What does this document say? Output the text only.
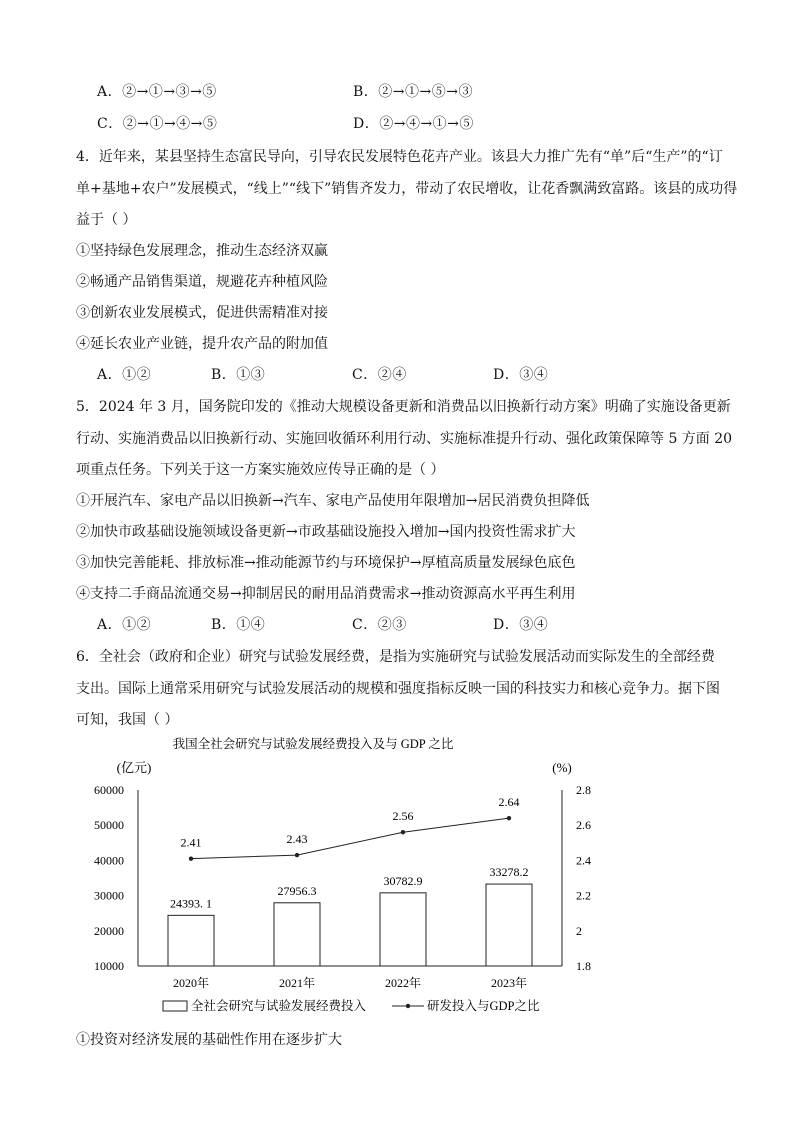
A．②→①→③→⑤	B．②→①→⑤→③
C．②→①→④→⑤	D．②→④→①→⑤
4．近年来，某县坚持生态富民导向，引导农民发展特色花卉产业。该县大力推广先有“单”后“生产”的“订
单+基地+农户”发展模式，“线上”“线下”销售齐发力，带动了农民增收，让花香飘满致富路。该县的成功得
益于（ ）
①坚持绿色发展理念，推动生态经济双赢
②畅通产品销售渠道，规避花卉种植风险
③创新农业发展模式，促进供需精准对接
④延长农业产业链，提升农产品的附加值
A．①②	B．①③	C．②④	D．③④
5．2024 年 3 月，国务院印发的《推动大规模设备更新和消费品以旧换新行动方案》明确了实施设备更新
行动、实施消费品以旧换新行动、实施回收循环利用行动、实施标准提升行动、强化政策保障等 5 方面 20
项重点任务。下列关于这一方案实施效应传导正确的是（ ）
①开展汽车、家电产品以旧换新→汽车、家电产品使用年限增加→居民消费负担降低
②加快市政基础设施领域设备更新→市政基础设施投入增加→国内投资性需求扩大
③加快完善能耗、排放标准→推动能源节约与环境保护→厚植高质量发展绿色底色
④支持二手商品流通交易→抑制居民的耐用品消费需求→推动资源高水平再生利用
A．①②	B．①④	C．②③	D．③④
6．全社会（政府和企业）研究与试验发展经费，是指为实施研究与试验发展活动而实际发生的全部经费
支出。国际上通常采用研究与试验发展活动的规模和强度指标反映一国的科技实力和核心竞争力。据下图
可知，我国（ ）
我国全社会研究与试验发展经费投入及与 GDP 之比
(亿元)	(%)
10000
20000
30000
40000
50000
60000
1.8
2
2.2
2.4
2.6
2.8
24393. 1
27956.3
30782.9
33278.2
2020年	2021年	2022年	2023年
2.41	2.43
2.56
2.64
全社会研究与试验发展经费投入	研发投入与GDP之比
①投资对经济发展的基础性作用在逐步扩大
